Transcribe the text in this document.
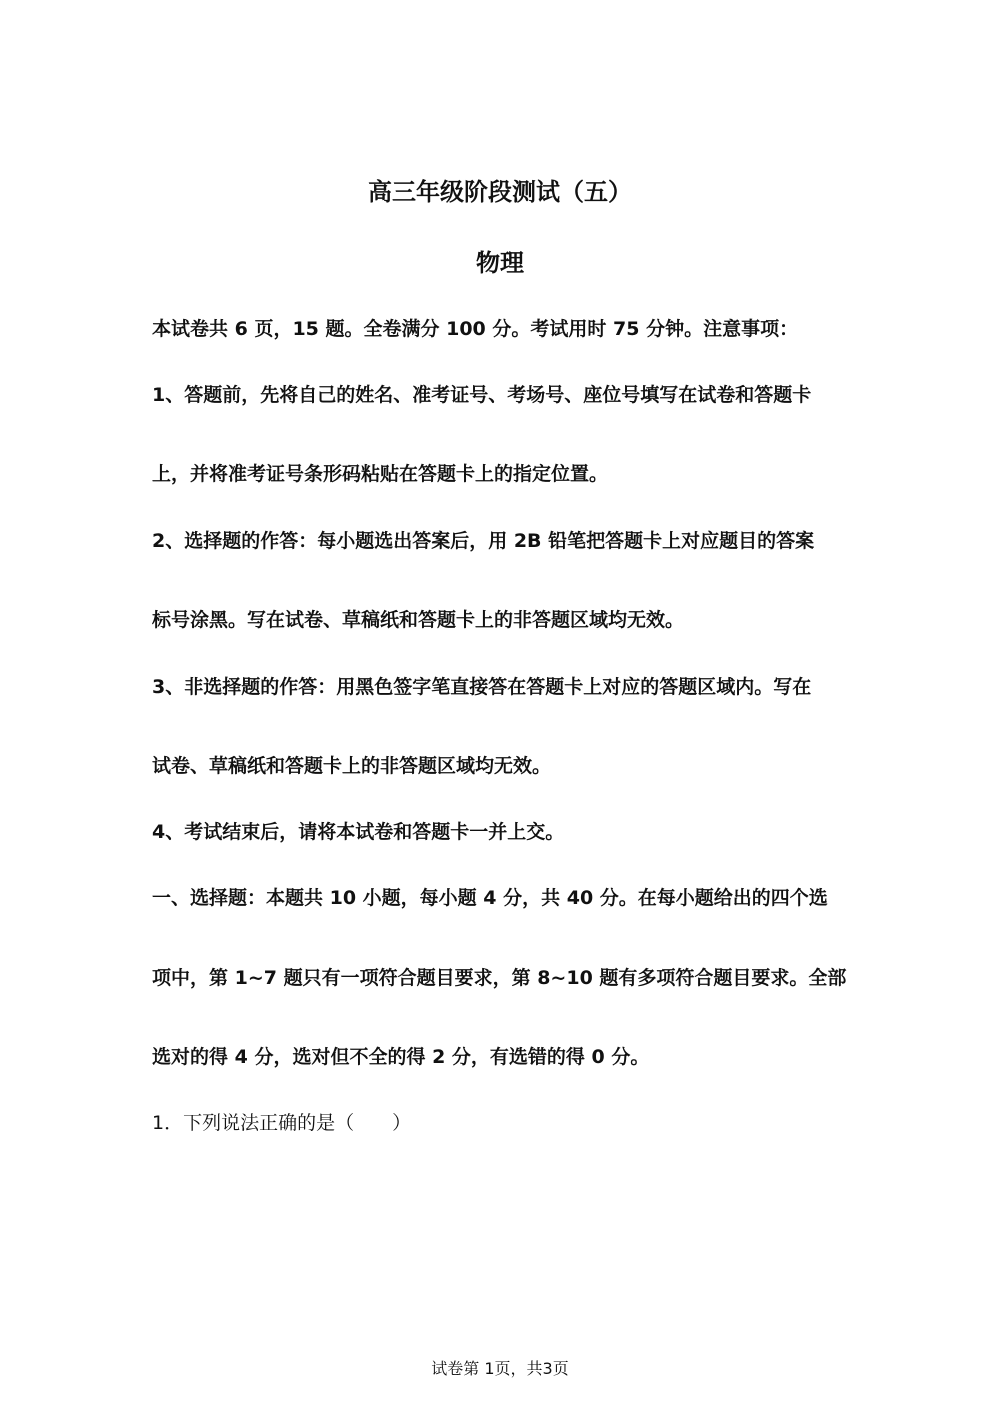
高三年级阶段测试（五）
物理
本试卷共 6 页，15 题。全卷满分 100 分。考试用时 75 分钟。注意事项：
1、答题前，先将自己的姓名、准考证号、考场号、座位号填写在试卷和答题卡
上，并将准考证号条形码粘贴在答题卡上的指定位置。
2、选择题的作答：每小题选出答案后，用 2B 铅笔把答题卡上对应题目的答案
标号涂黑。写在试卷、草稿纸和答题卡上的非答题区域均无效。
3、非选择题的作答：用黑色签字笔直接答在答题卡上对应的答题区域内。写在
试卷、草稿纸和答题卡上的非答题区域均无效。
4、考试结束后，请将本试卷和答题卡一并上交。
一、选择题：本题共 10 小题，每小题 4 分，共 40 分。在每小题给出的四个选
项中，第 1~7 题只有一项符合题目要求，第 8~10 题有多项符合题目要求。全部
选对的得 4 分，选对但不全的得 2 分，有选错的得 0 分。
1．下列说法正确的是（　　）
试卷第 1页，共3页
